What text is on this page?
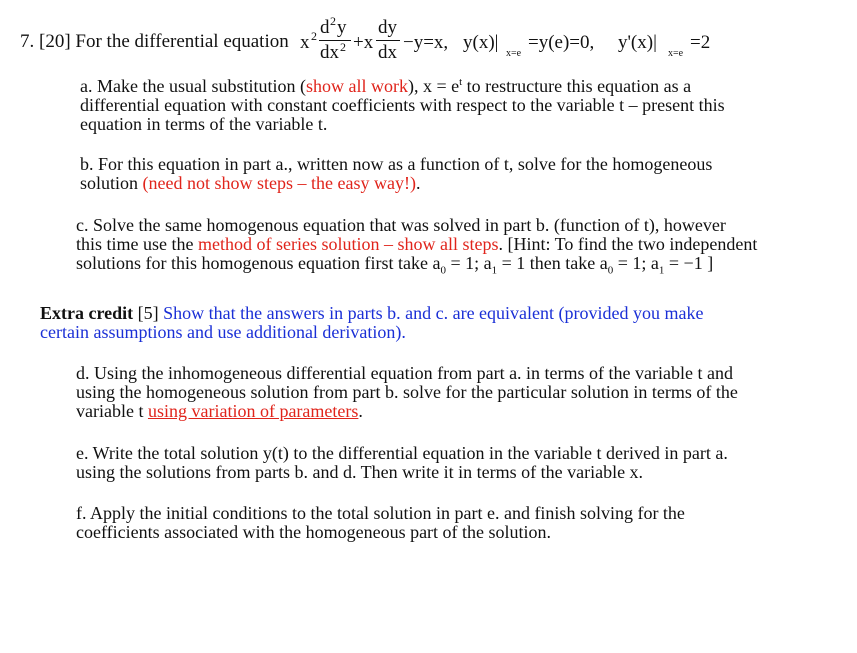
7. [20] For the differential equation x 2 d 2 y
dx 2 +x
dy
dx −y=x, y(x)|
x=e
=y(e)=0, y'(x)|
x=e
=2

a. Make the usual substitution (show all work), $x = e^t$ to restructure this equation as a

differential equation with constant coefficients with respect to the variable t – present this

equation in terms of the variable t.

b. For this equation in part a., written now as a function of t, solve for the homogeneous

solution (need not show steps – the easy way!).

c. Solve the same homogenous equation that was solved in part b. (function of t), however

this time use the method of series solution – show all steps. [Hint: To find the two independent

solutions for this homogenous equation first take $a_0 = 1$; $a_1 = 1$ then take $a_0 = 1$; $a_1 = -1$ ]

Extra credit [5] Show that the answers in parts b. and c. are equivalent (provided you make

certain assumptions and use additional derivation).

d. Using the inhomogeneous differential equation from part a. in terms of the variable t and

using the homogeneous solution from part b. solve for the particular solution in terms of the

variable t using variation of parameters.

e. Write the total solution y(t) to the differential equation in the variable t derived in part a.

using the solutions from parts b. and d. Then write it in terms of the variable x.

f. Apply the initial conditions to the total solution in part e. and finish solving for the

coefficients associated with the homogeneous part of the solution.
